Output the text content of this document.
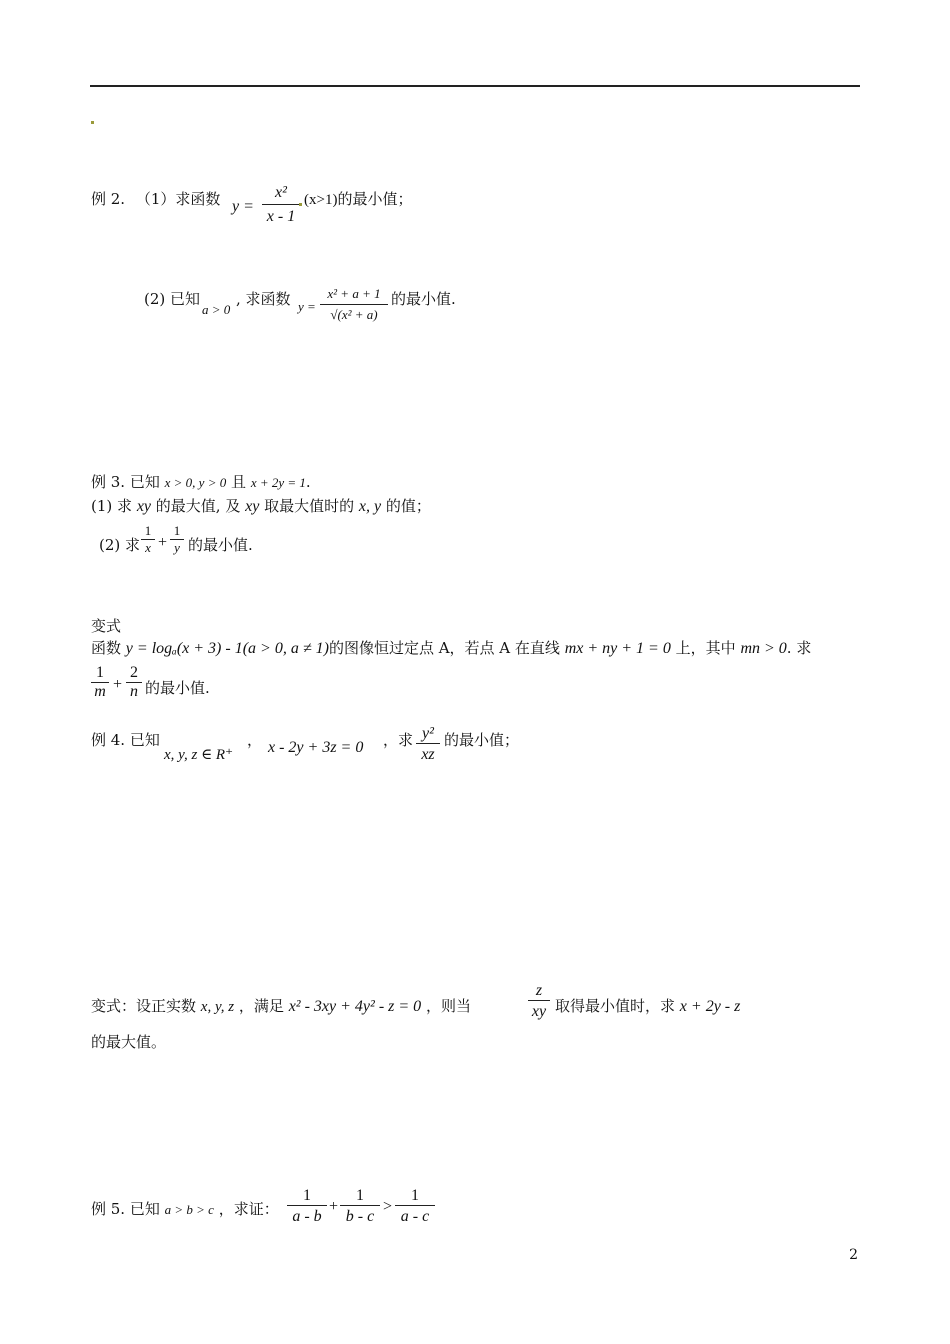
例 2. （1）求函数 $y = \frac{\text{x²}}{x - 1} (x>1)$的最小值；
(2) 已知
a > 0
, 求函数 $y = \frac{\text{x² + a + 1}}{\text{√(x² + a)}}$ 的最小值.
例 3. 已知 x > 0, y > 0 且 x + 2y = 1.
(1) 求 xy 的最大值, 及 xy 取最大值时的 x, y 的值；
(2) 求
1
x +
1
y 的最小值.
变式
函数 y = logₐ(x + 3) - 1(a > 0, a ≠ 1)的图像恒过定点 A，若点 A 在直线 mx + ny + 1 = 0 上，其中 mn > 0. 求
1
m +
2
n 的最小值.
例 4. 已知
x, y, z ∈ R⁺
， x - 2y + 3z = 0 ，求 $\frac{\text{y²}}{xz}$ 的最小值；
变式：设正实数 x, y, z ，满足 x² - 3xy + 4y² - z = 0 ，则当	$\frac{z}{xy}$ 取得最小值时，求 x + 2y - z
的最大值。
例 5. 已知 a > b > c ，求证：
1
a - b
+
1
b - c
>
1
a - c
2
